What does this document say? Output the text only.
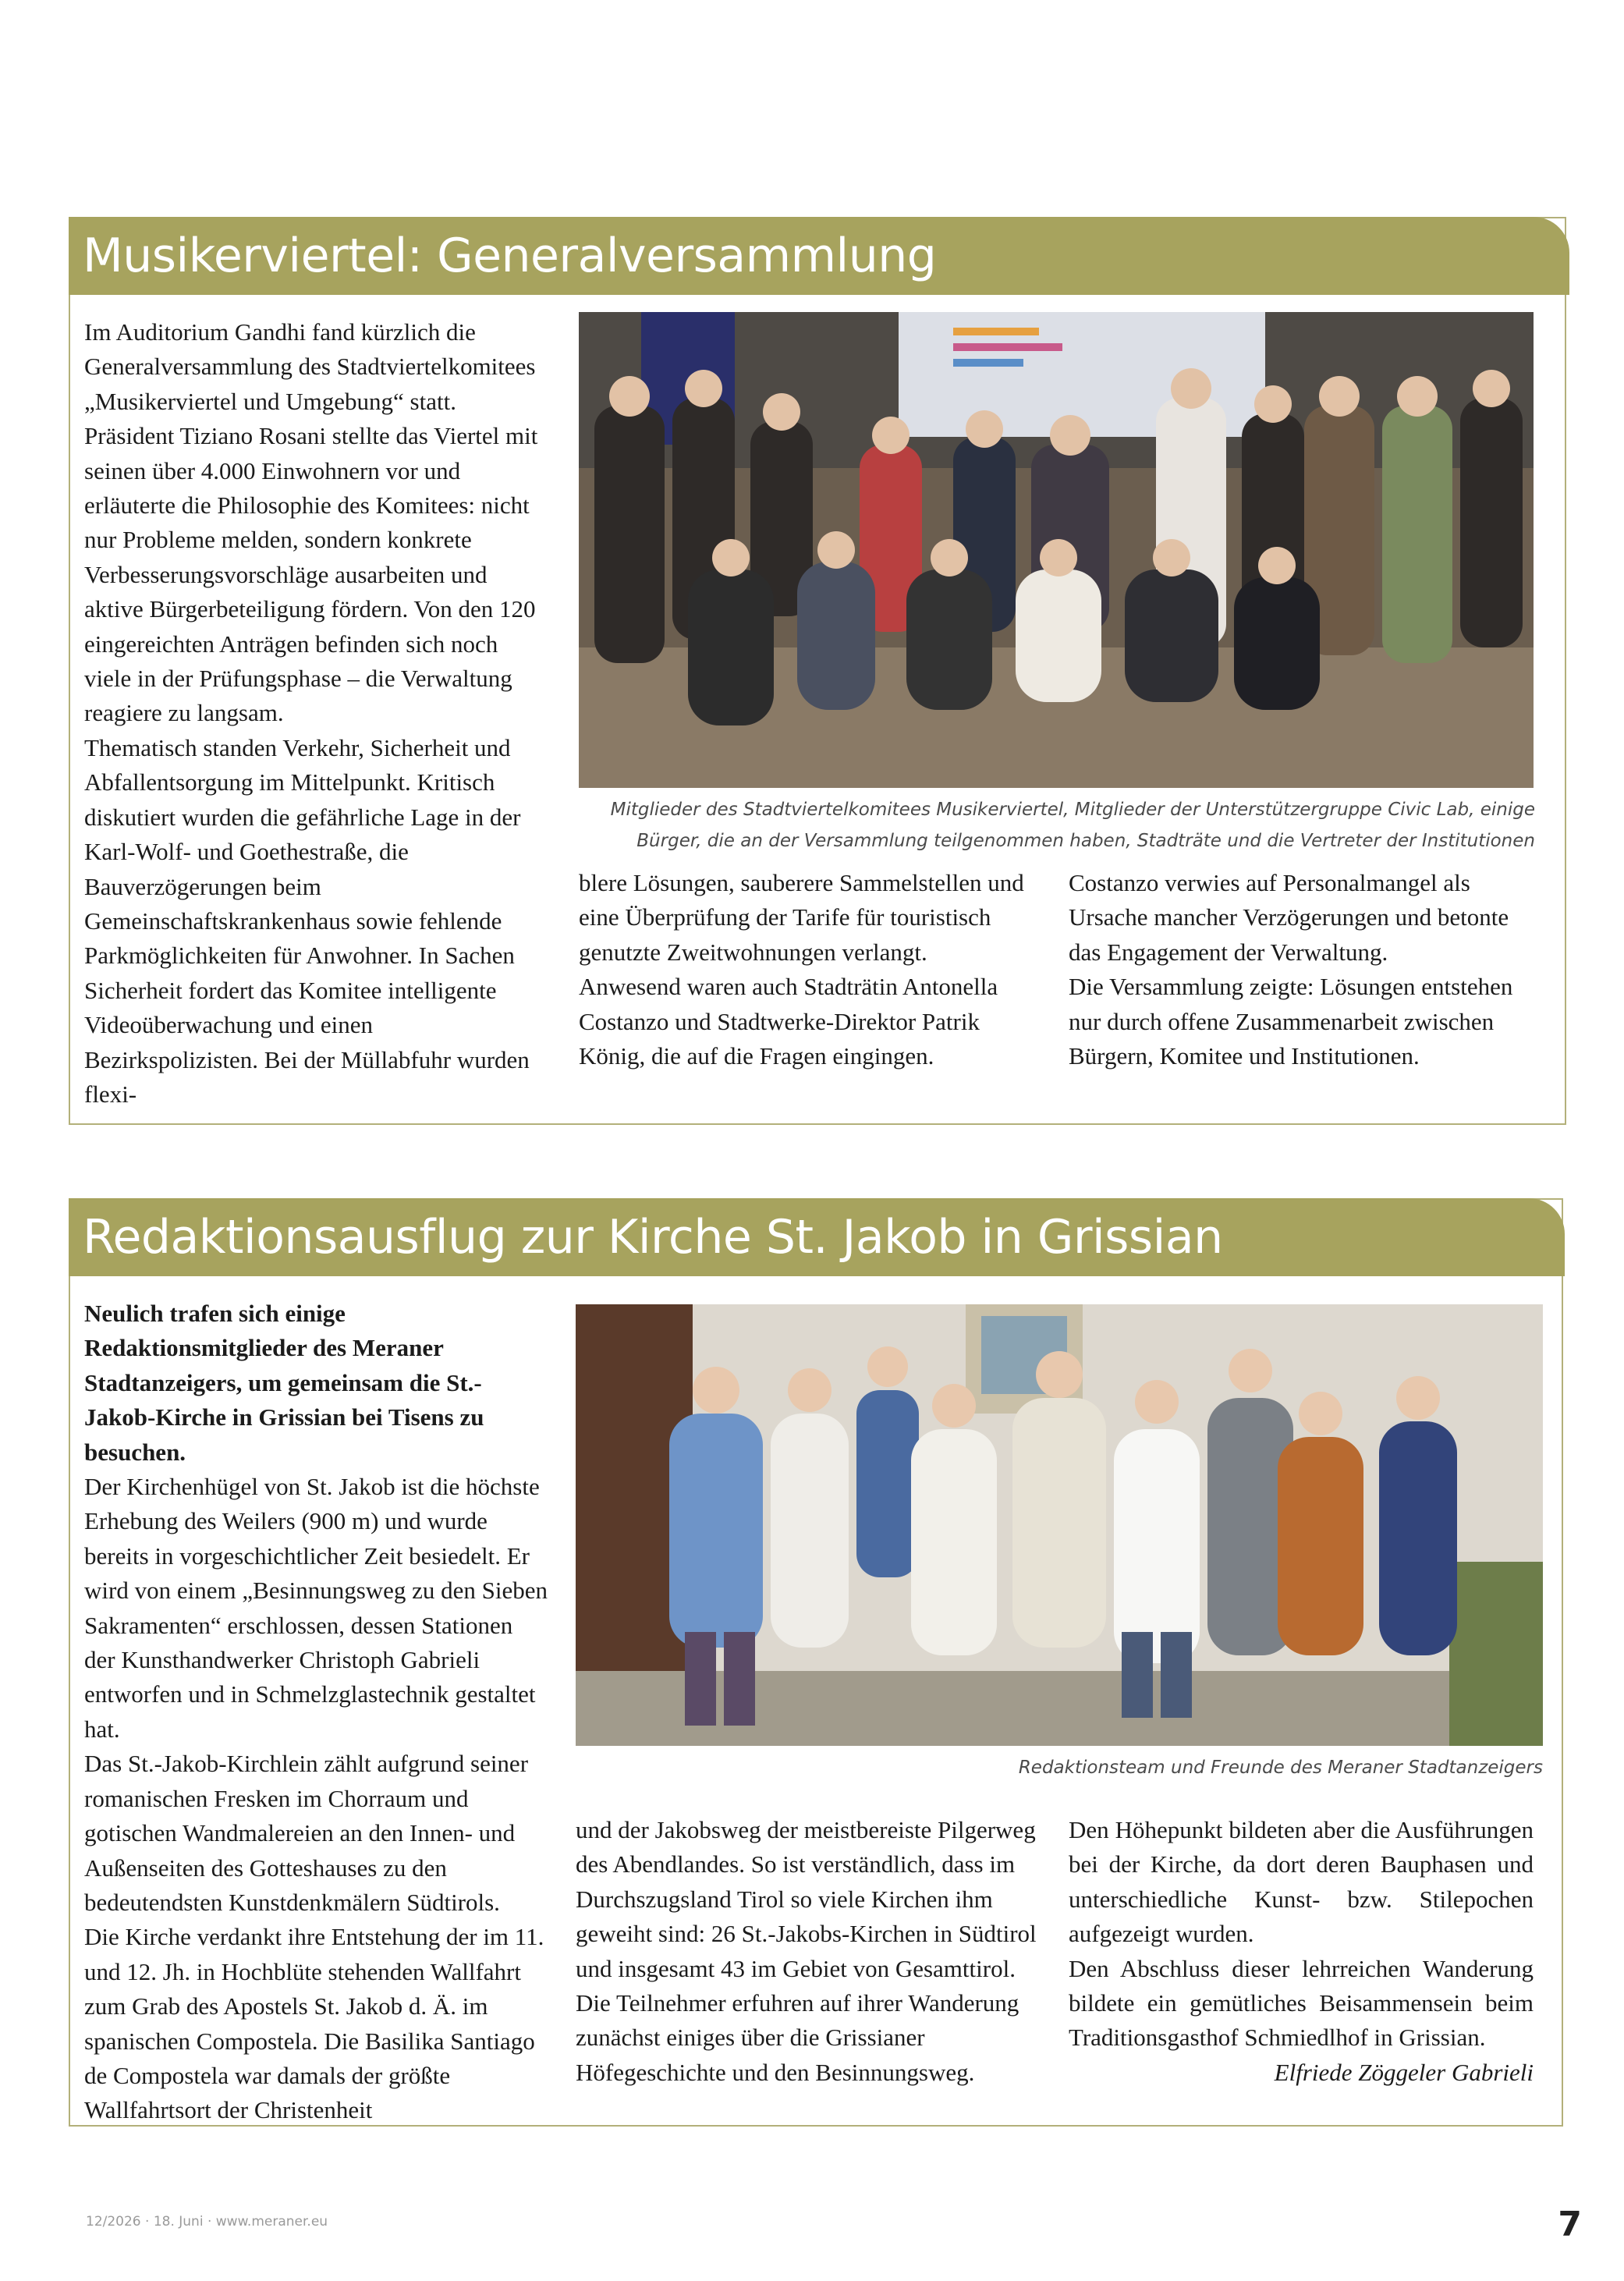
Musikerviertel: Generalversammlung

Im Auditorium Gandhi fand kürzlich die Generalversammlung des Stadtviertelkomitees „Musikerviertel und Umgebung“ statt. Präsident Tiziano Rosani stellte das Viertel mit seinen über 4.000 Einwohnern vor und erläuterte die Philosophie des Komitees: nicht nur Probleme melden, sondern konkrete Verbesserungsvorschläge ausarbeiten und aktive Bürgerbeteiligung fördern. Von den 120 eingereichten Anträgen befinden sich noch viele in der Prüfungsphase – die Verwaltung reagiere zu langsam.

Thematisch standen Verkehr, Sicherheit und Abfallentsorgung im Mittelpunkt. Kritisch diskutiert wurden die gefährliche Lage in der Karl-Wolf- und Goethestraße, die Bauverzögerungen beim Gemeinschaftskrankenhaus sowie fehlende Parkmöglichkeiten für Anwohner. In Sachen Sicherheit fordert das Komitee intelligente Videoüberwachung und einen Bezirkspolizisten. Bei der Müllabfuhr wurden flexi-

Mitglieder des Stadtviertelkomitees Musikerviertel, Mitglieder der Unterstützergruppe Civic Lab, einige
Bürger, die an der Versammlung teilgenommen haben, Stadträte und die Vertreter der Institutionen

blere Lösungen, sauberere Sammelstellen und eine Überprüfung der Tarife für touristisch genutzte Zweitwohnungen verlangt.

Anwesend waren auch Stadträtin Antonella Costanzo und Stadtwerke-Direktor Patrik König, die auf die Fragen eingingen.

Costanzo verwies auf Personalmangel als Ursache mancher Verzögerungen und betonte das Engagement der Verwaltung.

Die Versammlung zeigte: Lösungen entstehen nur durch offene Zusammenarbeit zwischen Bürgern, Komitee und Institutionen.

Redaktionsausflug zur Kirche St. Jakob in Grissian

Neulich trafen sich einige Redaktionsmitglieder des Meraner Stadtanzeigers, um gemeinsam die St.-Jakob-Kirche in Grissian bei Tisens zu besuchen.

Der Kirchenhügel von St. Jakob ist die höchste Erhebung des Weilers (900 m) und wurde bereits in vorgeschichtlicher Zeit besiedelt. Er wird von einem „Besinnungsweg zu den Sieben Sakramenten“ erschlossen, dessen Stationen der Kunsthandwerker Christoph Gabrieli entworfen und in Schmelzglastechnik gestaltet hat.

Das St.-Jakob-Kirchlein zählt aufgrund seiner romanischen Fresken im Chorraum und gotischen Wandmalereien an den Innen- und Außenseiten des Gotteshauses zu den bedeutendsten Kunstdenkmälern Südtirols.

Die Kirche verdankt ihre Entstehung der im 11. und 12. Jh. in Hochblüte stehenden Wallfahrt zum Grab des Apostels St. Jakob d. Ä. im spanischen Compostela. Die Basilika Santiago de Compostela war damals der größte Wallfahrtsort der Christenheit

Redaktionsteam und Freunde des Meraner Stadtanzeigers

und der Jakobsweg der meistbereiste Pilgerweg des Abendlandes. So ist verständlich, dass im Durchszugsland Tirol so viele Kirchen ihm geweiht sind: 26 St.-Jakobs-Kirchen in Südtirol und insgesamt 43 im Gebiet von Gesamttirol.

Die Teilnehmer erfuhren auf ihrer Wanderung zunächst einiges über die Grissianer Höfegeschichte und den Besinnungsweg.

Den Höhepunkt bildeten aber die Ausführungen bei der Kirche, da dort deren Bauphasen und unterschiedliche Kunst- bzw. Stilepochen aufgezeigt wurden.

Den Abschluss dieser lehrreichen Wanderung bildete ein gemütliches Beisammensein beim Traditionsgasthof Schmiedlhof in Grissian.

Elfriede Zöggeler Gabrieli

12/2026 · 18. Juni · www.meraner.eu	7
